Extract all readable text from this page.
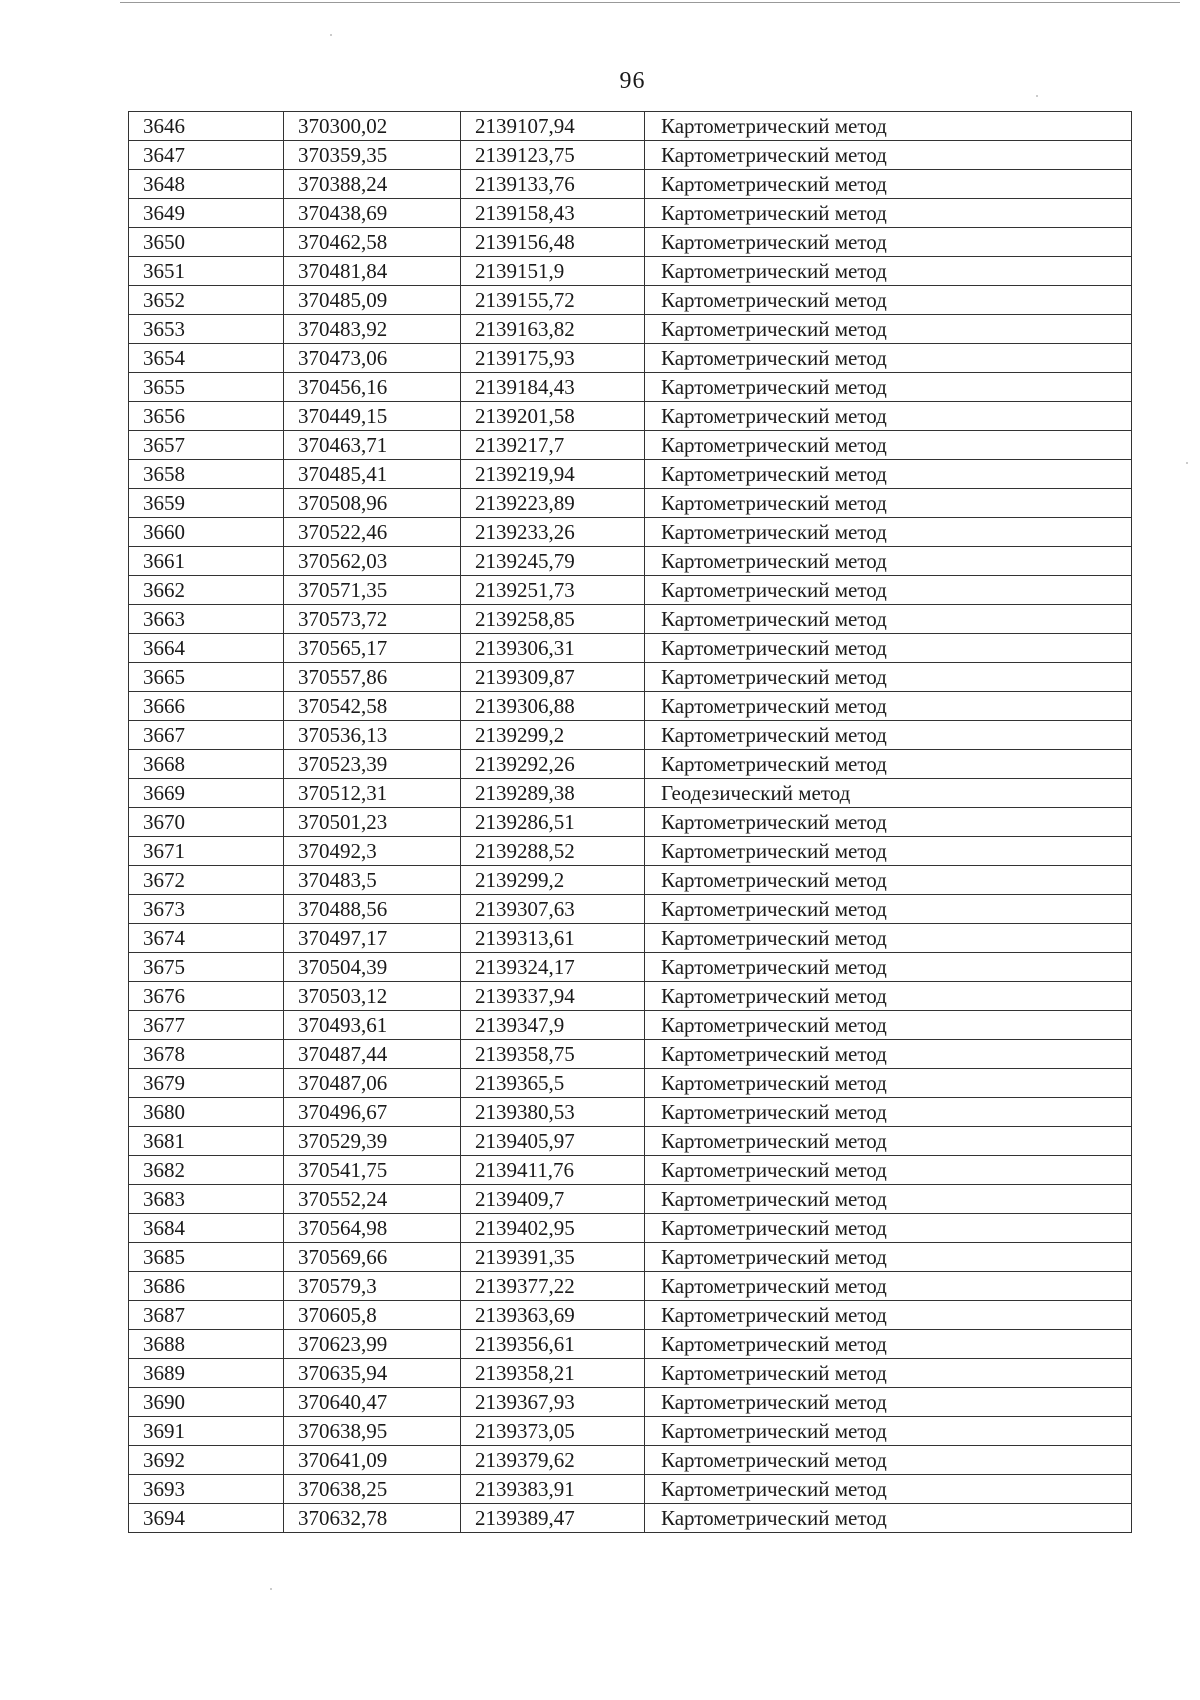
96
3646	370300,02	2139107,94	Картометрический метод
3647	370359,35	2139123,75	Картометрический метод
3648	370388,24	2139133,76	Картометрический метод
3649	370438,69	2139158,43	Картометрический метод
3650	370462,58	2139156,48	Картометрический метод
3651	370481,84	2139151,9	Картометрический метод
3652	370485,09	2139155,72	Картометрический метод
3653	370483,92	2139163,82	Картометрический метод
3654	370473,06	2139175,93	Картометрический метод
3655	370456,16	2139184,43	Картометрический метод
3656	370449,15	2139201,58	Картометрический метод
3657	370463,71	2139217,7	Картометрический метод
3658	370485,41	2139219,94	Картометрический метод
3659	370508,96	2139223,89	Картометрический метод
3660	370522,46	2139233,26	Картометрический метод
3661	370562,03	2139245,79	Картометрический метод
3662	370571,35	2139251,73	Картометрический метод
3663	370573,72	2139258,85	Картометрический метод
3664	370565,17	2139306,31	Картометрический метод
3665	370557,86	2139309,87	Картометрический метод
3666	370542,58	2139306,88	Картометрический метод
3667	370536,13	2139299,2	Картометрический метод
3668	370523,39	2139292,26	Картометрический метод
3669	370512,31	2139289,38	Геодезический метод
3670	370501,23	2139286,51	Картометрический метод
3671	370492,3	2139288,52	Картометрический метод
3672	370483,5	2139299,2	Картометрический метод
3673	370488,56	2139307,63	Картометрический метод
3674	370497,17	2139313,61	Картометрический метод
3675	370504,39	2139324,17	Картометрический метод
3676	370503,12	2139337,94	Картометрический метод
3677	370493,61	2139347,9	Картометрический метод
3678	370487,44	2139358,75	Картометрический метод
3679	370487,06	2139365,5	Картометрический метод
3680	370496,67	2139380,53	Картометрический метод
3681	370529,39	2139405,97	Картометрический метод
3682	370541,75	2139411,76	Картометрический метод
3683	370552,24	2139409,7	Картометрический метод
3684	370564,98	2139402,95	Картометрический метод
3685	370569,66	2139391,35	Картометрический метод
3686	370579,3	2139377,22	Картометрический метод
3687	370605,8	2139363,69	Картометрический метод
3688	370623,99	2139356,61	Картометрический метод
3689	370635,94	2139358,21	Картометрический метод
3690	370640,47	2139367,93	Картометрический метод
3691	370638,95	2139373,05	Картометрический метод
3692	370641,09	2139379,62	Картометрический метод
3693	370638,25	2139383,91	Картометрический метод
3694	370632,78	2139389,47	Картометрический метод
